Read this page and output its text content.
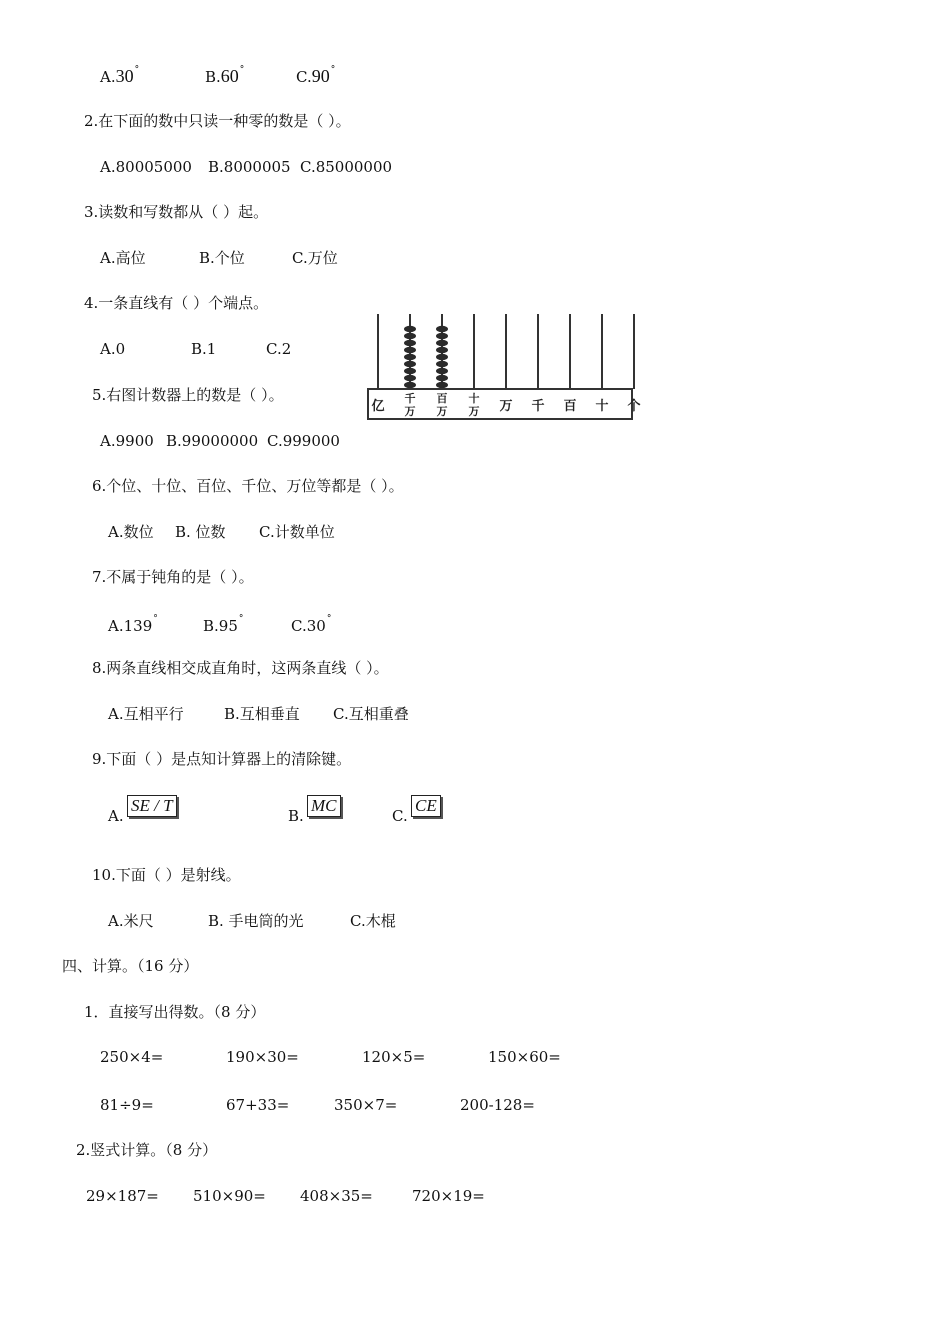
A.30°	B.60°	C.90°
2.在下面的数中只读一种零的数是（ ）。
A.80005000 B.8000005 C.85000000
3.读数和写数都从（ ）起。
A.高位	B.个位	C.万位
4.一条直线有（ ）个端点。
A.0	B.1	C.2
亿
千
万
百
万
十
万 万 千 百 十 个
5.右图计数器上的数是（ ）。
A.9900 B.99000000 C.999000
6.个位、十位、百位、千位、万位等都是（ ）。
A.数位 B. 位数 C.计数单位
7.不属于钝角的是（ ）。
A.139°	B.95°	C.30°
8.两条直线相交成直角时，这两条直线（ ）。
A.互相平行	B.互相垂直 C.互相重叠
9.下面（ ）是点知计算器上的清除键。
A.
SE / T
B.
MC
C.
CE
10.下面（ ）是射线。
A.米尺	B. 手电筒的光	C.木棍
四、计算。（16 分）
1．直接写出得数。（8 分）
250×4=	190×30=	120×5=	150×60=
81÷9=	67+33=	350×7=	200-128=
2.竖式计算。（8 分）
29×187= 510×90= 408×35=	720×19=
